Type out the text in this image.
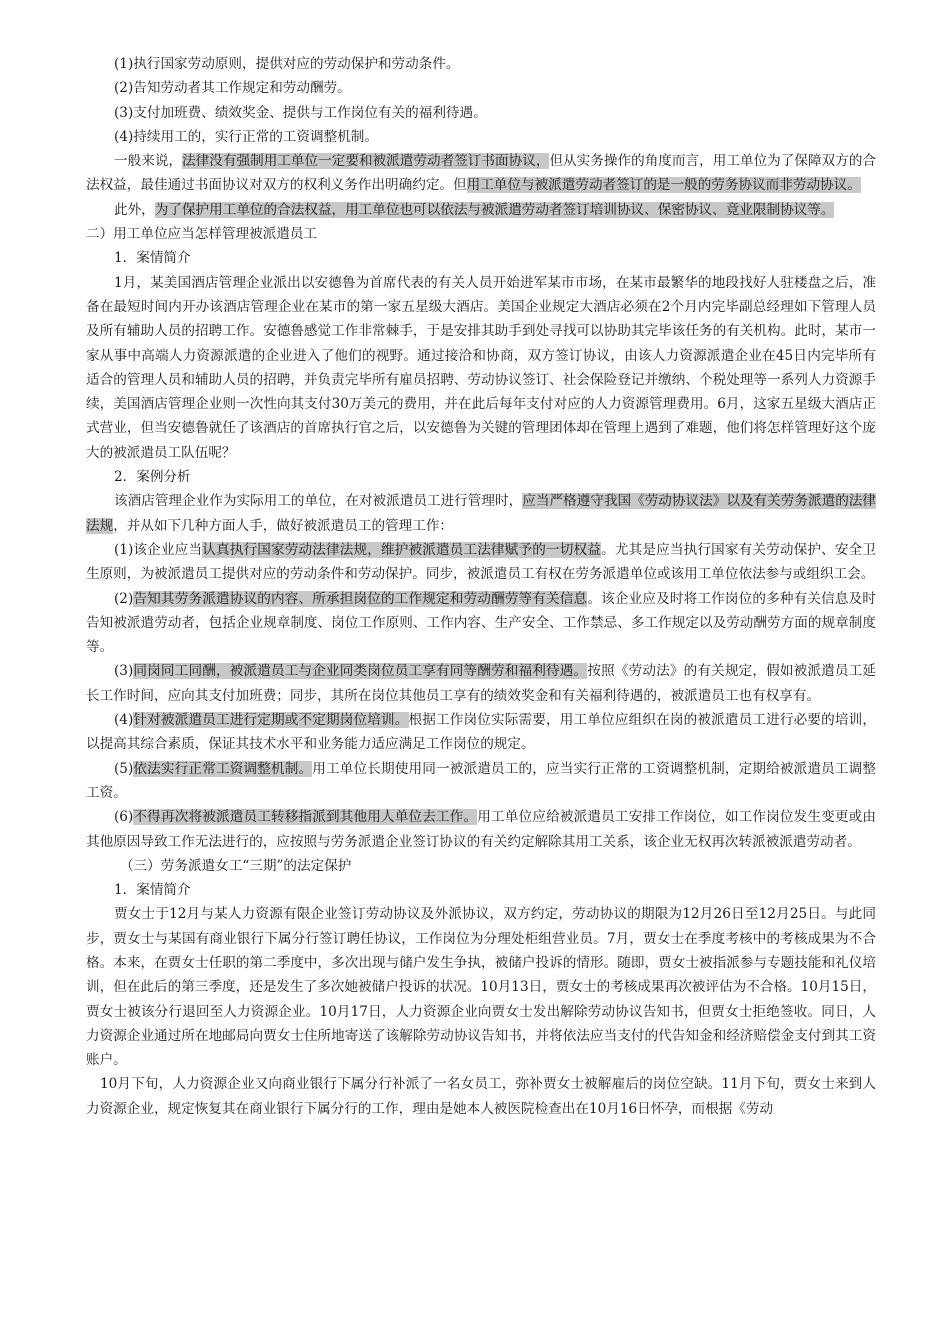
(1)执行国家劳动原则，提供对应的劳动保护和劳动条件。

(2)告知劳动者其工作规定和劳动酬劳。

(3)支付加班费、绩效奖金、提供与工作岗位有关的福利待遇。

(4)持续用工的，实行正常的工资调整机制。

一般来说，法律没有强制用工单位一定要和被派遣劳动者签订书面协议，但从实务操作的角度而言，用工单位为了保障双方的合法权益，最佳通过书面协议对双方的权利义务作出明确约定。但用工单位与被派遣劳动者签订的是一般的劳务协议而非劳动协议。

此外，为了保护用工单位的合法权益，用工单位也可以依法与被派遣劳动者签订培训协议、保密协议、竟业限制协议等。

二）用工单位应当怎样管理被派遣员工

1．案情简介

1月，某美国酒店管理企业派出以安德鲁为首席代表的有关人员开始进军某市市场，在某市最繁华的地段找好人驻楼盘之后，准备在最短时间内开办该酒店管理企业在某市的第一家五星级大酒店。美国企业规定大酒店必须在2个月内完毕副总经理如下管理人员及所有辅助人员的招聘工作。安德鲁感觉工作非常棘手，于是安排其助手到处寻找可以协助其完毕该任务的有关机构。此时，某市一家从事中高端人力资源派遣的企业进入了他们的视野。通过接洽和协商，双方签订协议，由该人力资源派遣企业在45日内完毕所有适合的管理人员和辅助人员的招聘，并负责完毕所有雇员招聘、劳动协议签订、社会保险登记并缴纳、个税处理等一系列人力资源手续，美国酒店管理企业则一次性向其支付30万美元的费用，并在此后每年支付对应的人力资源管理费用。6月，这家五星级大酒店正式营业，但当安德鲁就任了该酒店的首席执行官之后，以安德鲁为关键的管理团体却在管理上遇到了难题，他们将怎样管理好这个庞大的被派遣员工队伍呢？

2．案例分析

该酒店管理企业作为实际用工的单位，在对被派遣员工进行管理时，应当严格遵守我国《劳动协议法》以及有关劳务派遣的法律法规，并从如下几种方面人手，做好被派遣员工的管理工作：

(1)该企业应当认真执行国家劳动法律法规，维护被派遣员工法律赋予的一切权益。尤其是应当执行国家有关劳动保护、安全卫生原则，为被派遣员工提供对应的劳动条件和劳动保护。同步，被派遣员工有权在劳务派遣单位或该用工单位依法参与或组织工会。

(2)告知其劳务派遣协议的内容、所承担岗位的工作规定和劳动酬劳等有关信息。该企业应及时将工作岗位的多种有关信息及时告知被派遣劳动者，包括企业规章制度、岗位工作原则、工作内容、生产安全、工作禁忌、多工作规定以及劳动酬劳方面的规章制度等。

(3)同岗同工同酬，被派遣员工与企业同类岗位员工享有同等酬劳和福利待遇。按照《劳动法》的有关规定，假如被派遣员工延长工作时间，应向其支付加班费；同步，其所在岗位其他员工享有的绩效奖金和有关福利待遇的，被派遣员工也有权享有。

(4)针对被派遣员工进行定期或不定期岗位培训。根据工作岗位实际需要，用工单位应组织在岗的被派遣员工进行必要的培训，以提高其综合素质，保证其技术水平和业务能力适应满足工作岗位的规定。

(5)依法实行正常工资调整机制。用工单位长期使用同一被派遣员工的，应当实行正常的工资调整机制，定期给被派遣员工调整工资。

(6)不得再次将被派遣员工转移指派到其他用人单位去工作。用工单位应给被派遣员工安排工作岗位，如工作岗位发生变更或由其他原因导致工作无法进行的，应按照与劳务派遣企业签订协议的有关约定解除其用工关系，该企业无权再次转派被派遣劳动者。

（三）劳务派遣女工“三期”的法定保护

1．案情简介

贾女士于12月与某人力资源有限企业签订劳动协议及外派协议，双方约定，劳动协议的期限为12月26日至12月25日。与此同步，贾女士与某国有商业银行下属分行签订聘任协议，工作岗位为分理处柜组营业员。7月，贾女士在季度考核中的考核成果为不合格。本来，在贾女士任职的第二季度中，多次出现与储户发生争执，被储户投诉的情形。随即，贾女士被指派参与专题技能和礼仪培训，但在此后的第三季度，还是发生了多次她被储户投诉的状况。10月13日，贾女士的考核成果再次被评估为不合格。10月15日，贾女士被该分行退回至人力资源企业。10月17日，人力资源企业向贾女士发出解除劳动协议告知书，但贾女士拒绝签收。同日，人力资源企业通过所在地邮局向贾女士住所地寄送了该解除劳动协议告知书，并将依法应当支付的代告知金和经济赔偿金支付到其工资账户。

10月下旬，人力资源企业又向商业银行下属分行补派了一名女员工，弥补贾女士被解雇后的岗位空缺。11月下旬，贾女士来到人力资源企业，规定恢复其在商业银行下属分行的工作，理由是她本人被医院检查出在10月16日怀孕，而根据《劳动
